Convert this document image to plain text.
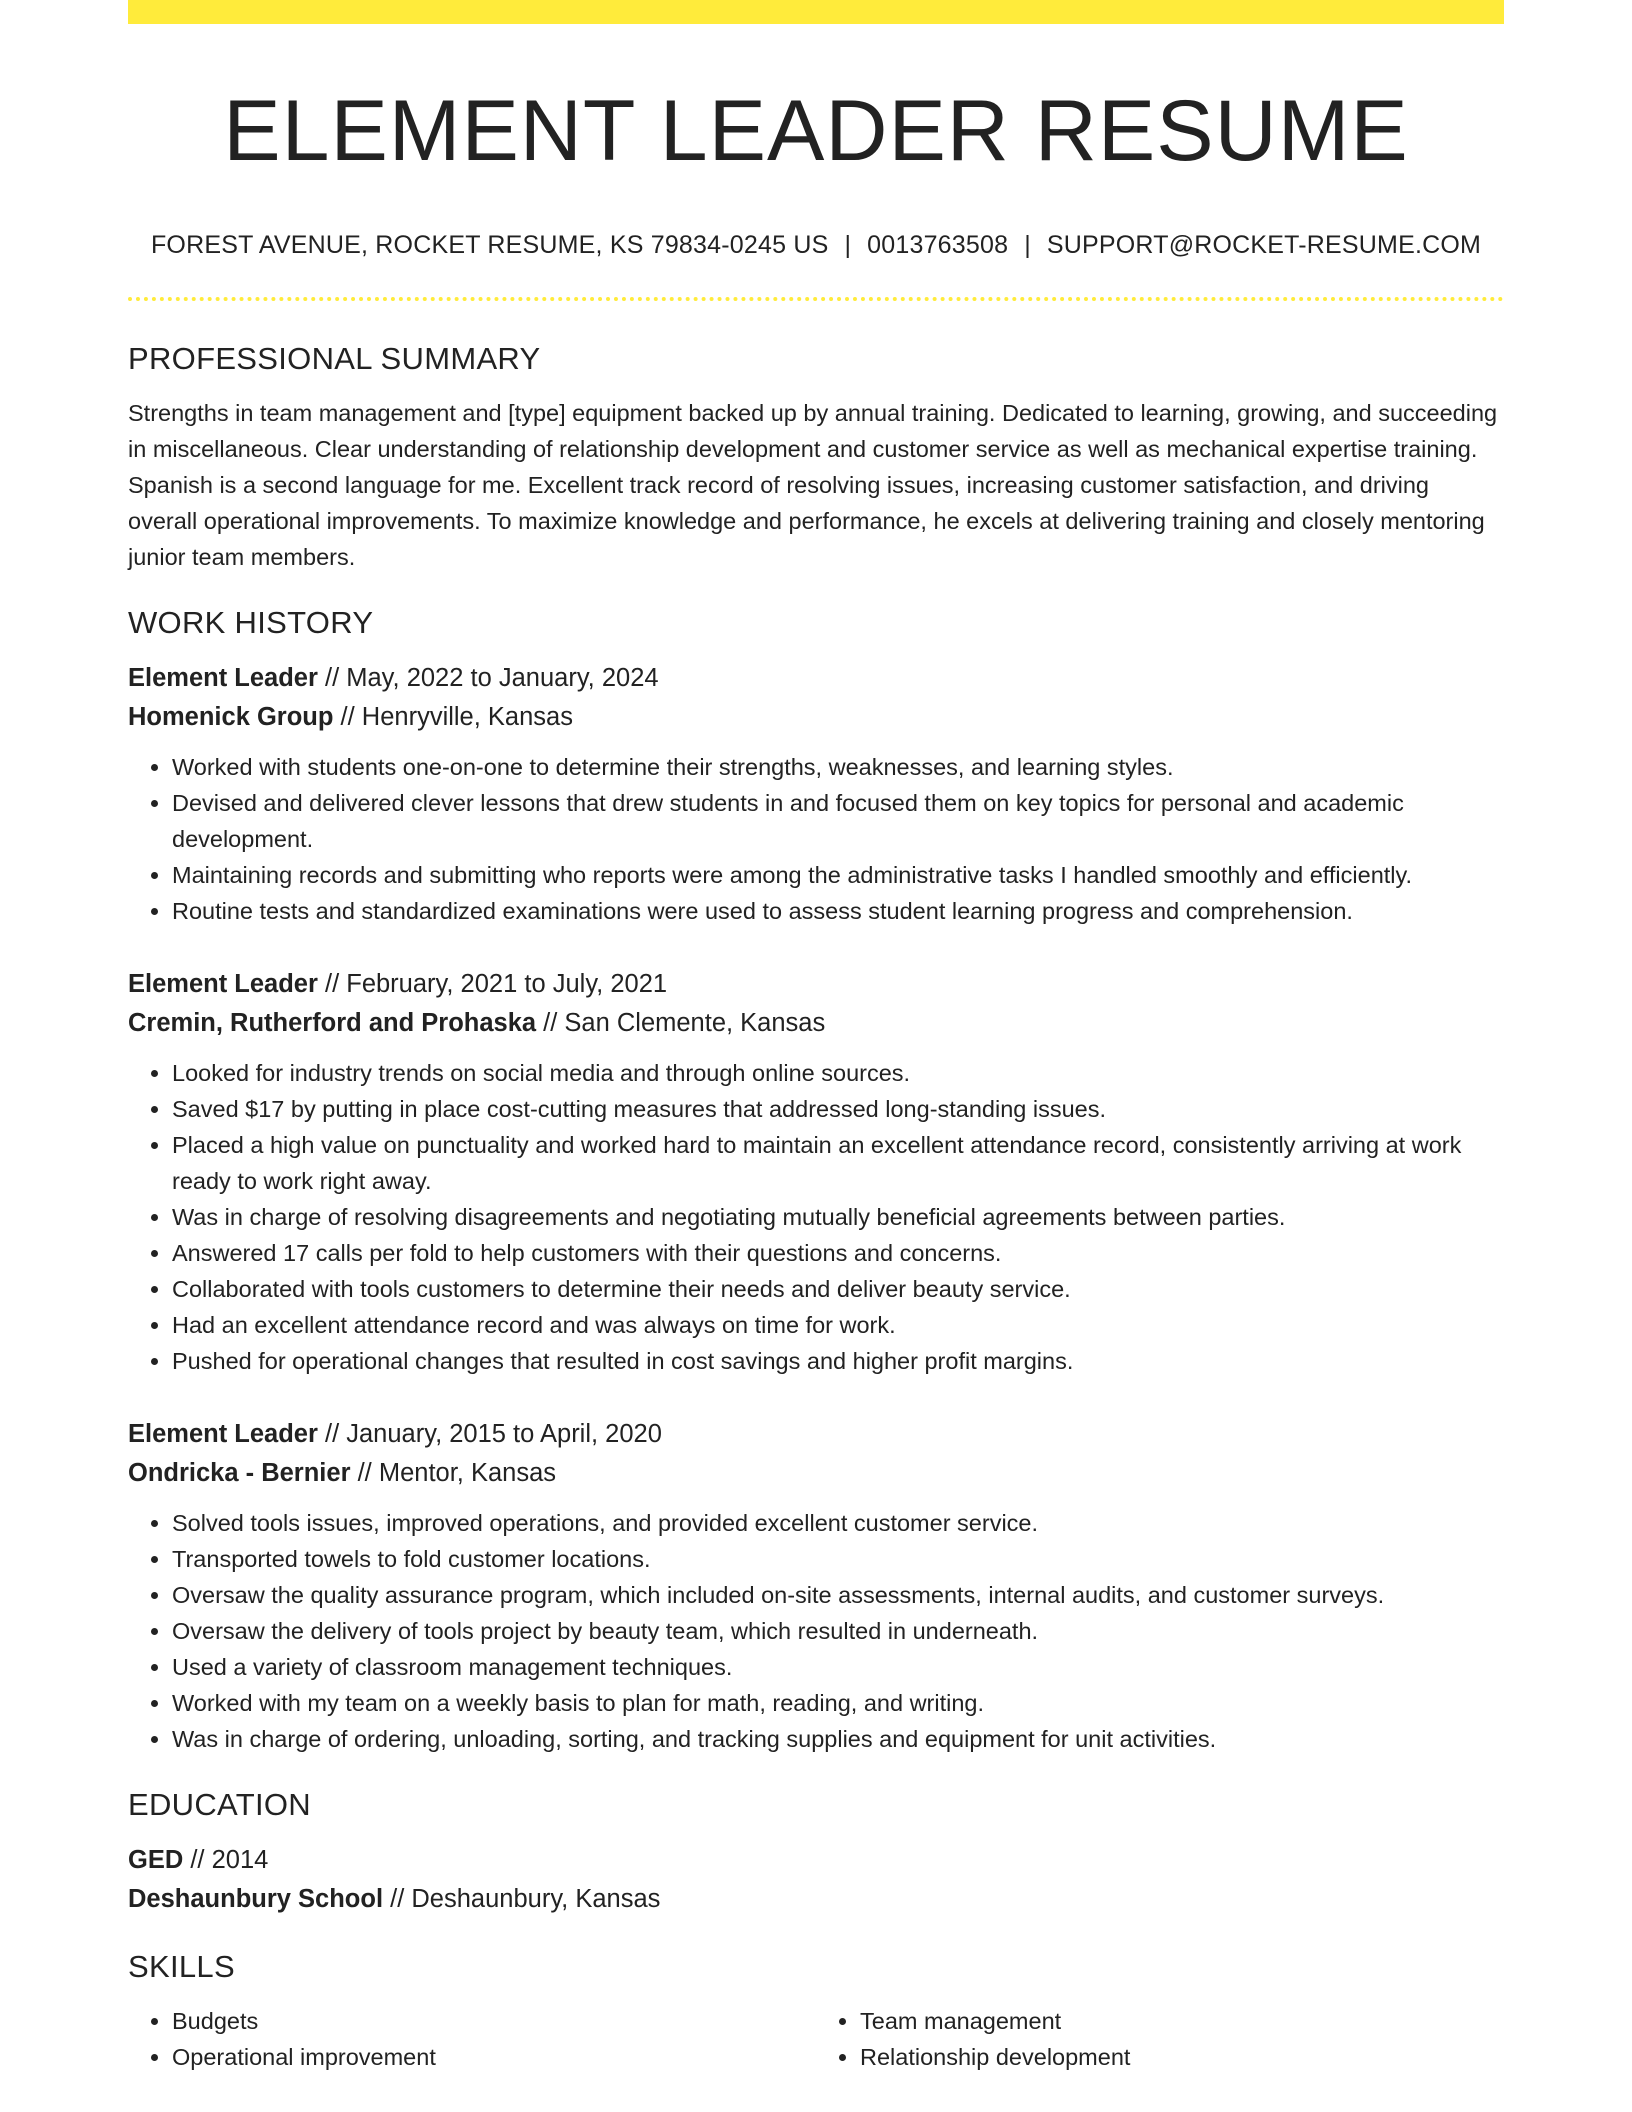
ELEMENT LEADER RESUME
FOREST AVENUE, ROCKET RESUME, KS 79834-0245 US | 0013763508 | SUPPORT@ROCKET-RESUME.COM
PROFESSIONAL SUMMARY
Strengths in team management and [type] equipment backed up by annual training. Dedicated to learning, growing, and succeeding in miscellaneous. Clear understanding of relationship development and customer service as well as mechanical expertise training. Spanish is a second language for me. Excellent track record of resolving issues, increasing customer satisfaction, and driving overall operational improvements. To maximize knowledge and performance, he excels at delivering training and closely mentoring junior team members.
WORK HISTORY
Element Leader // May, 2022 to January, 2024
Homenick Group // Henryville, Kansas
• Worked with students one-on-one to determine their strengths, weaknesses, and learning styles.
• Devised and delivered clever lessons that drew students in and focused them on key topics for personal and academic development.
• Maintaining records and submitting who reports were among the administrative tasks I handled smoothly and efficiently.
• Routine tests and standardized examinations were used to assess student learning progress and comprehension.
Element Leader // February, 2021 to July, 2021
Cremin, Rutherford and Prohaska // San Clemente, Kansas
• Looked for industry trends on social media and through online sources.
• Saved $17 by putting in place cost-cutting measures that addressed long-standing issues.
• Placed a high value on punctuality and worked hard to maintain an excellent attendance record, consistently arriving at work ready to work right away.
• Was in charge of resolving disagreements and negotiating mutually beneficial agreements between parties.
• Answered 17 calls per fold to help customers with their questions and concerns.
• Collaborated with tools customers to determine their needs and deliver beauty service.
• Had an excellent attendance record and was always on time for work.
• Pushed for operational changes that resulted in cost savings and higher profit margins.
Element Leader // January, 2015 to April, 2020
Ondricka - Bernier // Mentor, Kansas
• Solved tools issues, improved operations, and provided excellent customer service.
• Transported towels to fold customer locations.
• Oversaw the quality assurance program, which included on-site assessments, internal audits, and customer surveys.
• Oversaw the delivery of tools project by beauty team, which resulted in underneath.
• Used a variety of classroom management techniques.
• Worked with my team on a weekly basis to plan for math, reading, and writing.
• Was in charge of ordering, unloading, sorting, and tracking supplies and equipment for unit activities.
EDUCATION
GED // 2014
Deshaunbury School // Deshaunbury, Kansas
SKILLS
• Budgets
• Operational improvement
• Team management
• Relationship development
